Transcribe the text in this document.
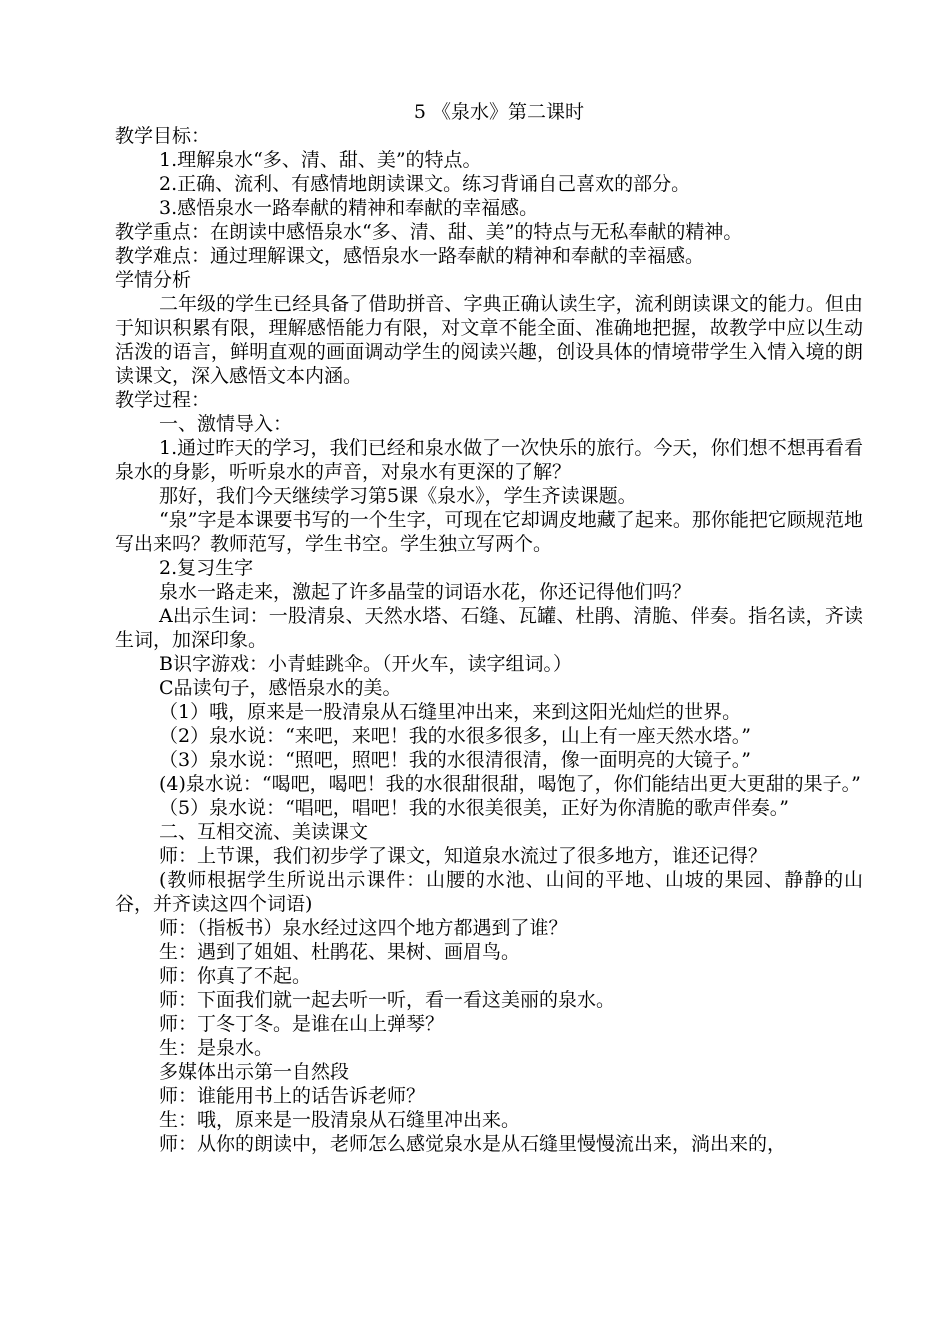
5 《泉水》第二课时

教学目标：

1.理解泉水“多、清、甜、美”的特点。

2.正确、流利、有感情地朗读课文。练习背诵自己喜欢的部分。

3.感悟泉水一路奉献的精神和奉献的幸福感。

教学重点：在朗读中感悟泉水“多、清、甜、美”的特点与无私奉献的精神。

教学难点：通过理解课文，感悟泉水一路奉献的精神和奉献的幸福感。

学情分析

二年级的学生已经具备了借助拼音、字典正确认读生字，流利朗读课文的能力。但由于知识积累有限，理解感悟能力有限，对文章不能全面、准确地把握，故教学中应以生动活泼的语言，鲜明直观的画面调动学生的阅读兴趣，创设具体的情境带学生入情入境的朗读课文，深入感悟文本内涵。

教学过程：

一、激情导入：

1.通过昨天的学习，我们已经和泉水做了一次快乐的旅行。今天，你们想不想再看看泉水的身影，听听泉水的声音，对泉水有更深的了解？

那好，我们今天继续学习第5课《泉水》，学生齐读课题。

“泉”字是本课要书写的一个生字，可现在它却调皮地藏了起来。那你能把它顾规范地写出来吗？教师范写，学生书空。学生独立写两个。

2.复习生字

泉水一路走来，激起了许多晶莹的词语水花，你还记得他们吗？

A出示生词：一股清泉、天然水塔、石缝、瓦罐、杜鹃、清脆、伴奏。指名读，齐读生词，加深印象。

B识字游戏：小青蛙跳伞。（开火车，读字组词。）

C品读句子，感悟泉水的美。

（1）哦，原来是一股清泉从石缝里冲出来，来到这阳光灿烂的世界。

（2）泉水说：“来吧，来吧！我的水很多很多，山上有一座天然水塔。”

（3）泉水说：“照吧，照吧！我的水很清很清，像一面明亮的大镜子。”

(4)泉水说：“喝吧，喝吧！我的水很甜很甜，喝饱了，你们能结出更大更甜的果子。”

（5）泉水说：“唱吧，唱吧！我的水很美很美，正好为你清脆的歌声伴奏。”

二、互相交流、美读课文

师：上节课，我们初步学了课文，知道泉水流过了很多地方，谁还记得？

(教师根据学生所说出示课件：山腰的水池、山间的平地、山坡的果园、静静的山谷，并齐读这四个词语)

师：（指板书）泉水经过这四个地方都遇到了谁？

生：遇到了姐姐、杜鹃花、果树、画眉鸟。

师：你真了不起。

师：下面我们就一起去听一听，看一看这美丽的泉水。

师：丁冬丁冬。是谁在山上弹琴？

生：是泉水。

多媒体出示第一自然段

师：谁能用书上的话告诉老师？

生：哦，原来是一股清泉从石缝里冲出来。

师：从你的朗读中，老师怎么感觉泉水是从石缝里慢慢流出来，淌出来的，
